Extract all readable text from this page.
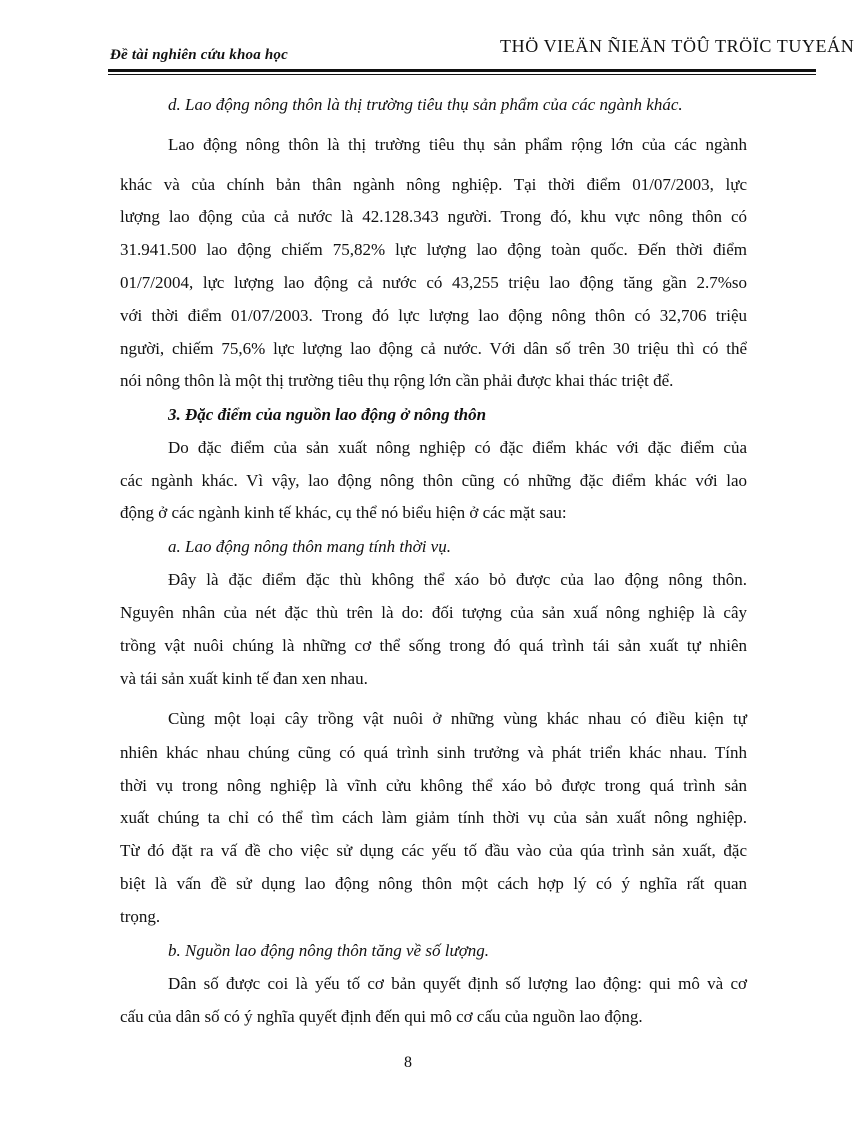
Đề tài nghiên cứu khoa học	THÖ VIEÄN ÑIEÄN TÖÛ TRÖÏC TUYEÁN
d. Lao động nông thôn là thị trường tiêu thụ sản phẩm của các ngành khác.
Lao động nông thôn là thị trường tiêu thụ sản phẩm rộng lớn của các ngành
khác và của chính bản thân ngành nông nghiệp. Tại thời điểm 01/07/2003, lực
lượng lao động của cả nước là 42.128.343 người. Trong đó, khu vực nông thôn có
31.941.500 lao động chiếm 75,82% lực lượng lao động toàn quốc. Đến thời điểm
01/7/2004, lực lượng lao động cả nước có 43,255 triệu lao động tăng gần 2.7%so
với thời điểm 01/07/2003. Trong đó lực lượng lao động nông thôn có 32,706 triệu
người, chiếm 75,6% lực lượng lao động cả nước. Với dân số trên 30 triệu thì có thể
nói nông thôn là một thị trường tiêu thụ rộng lớn cần phải được khai thác triệt để.
3. Đặc điểm của nguồn lao động ở nông thôn
Do đặc điểm của sản xuất nông nghiệp có đặc điểm khác với đặc điểm của
các ngành khác. Vì vậy, lao động nông thôn cũng có những đặc điểm khác với lao
động ở các ngành kinh tế khác, cụ thể nó biểu hiện ở các mặt sau:
a. Lao động nông thôn mang tính thời vụ.
Đây là đặc điểm đặc thù không thể xáo bỏ được của lao động nông thôn.
Nguyên nhân của nét đặc thù trên là do: đối tượng của sản xuấ nông nghiệp là cây
trồng vật nuôi chúng là những cơ thể sống trong đó quá trình tái sản xuất tự nhiên
và tái sản xuất kinh tế đan xen nhau.
Cùng một loại cây trồng vật nuôi ở những vùng khác nhau có điều kiện tự
nhiên khác nhau chúng cũng có quá trình sinh trưởng và phát triển khác nhau. Tính
thời vụ trong nông nghiệp là vĩnh cửu không thể xáo bỏ được trong quá trình sản
xuất chúng ta chỉ có thể tìm cách làm giảm tính thời vụ của sản xuất nông nghiệp.
Từ đó đặt ra vấ đề cho việc sử dụng các yếu tố đầu vào của qúa trình sản xuất, đặc
biệt là vấn đề sử dụng lao động nông thôn một cách hợp lý có ý nghĩa rất quan
trọng.
b. Nguồn lao động nông thôn tăng về số lượng.
Dân số được coi là yếu tố cơ bản quyết định số lượng lao động: qui mô và cơ
cấu của dân số có ý nghĩa quyết định đến qui mô cơ cấu của nguồn lao động.
8
